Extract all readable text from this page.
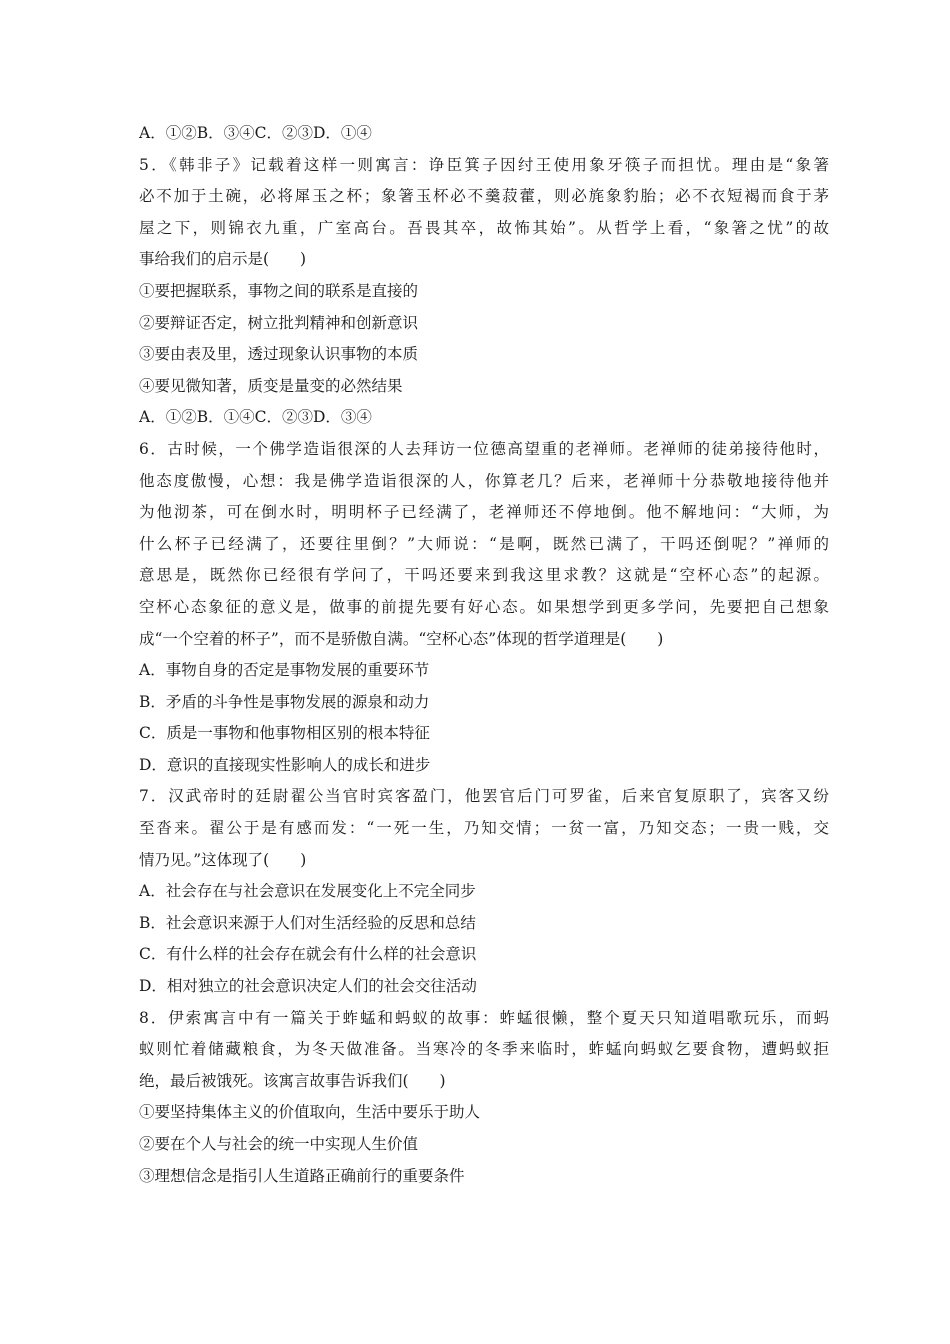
A．①②B．③④C．②③D．①④
5．《韩非子》记载着这样一则寓言：诤臣箕子因纣王使用象牙筷子而担忧。理由是“象箸
必不加于土碗，必将犀玉之杯；象箸玉杯必不羹菽藿，则必旄象豹胎；必不衣短褐而食于茅
屋之下，则锦衣九重，广室高台。吾畏其卒，故怖其始”。从哲学上看，“象箸之忧”的故
事给我们的启示是(　　)
①要把握联系，事物之间的联系是直接的
②要辩证否定，树立批判精神和创新意识
③要由表及里，透过现象认识事物的本质
④要见微知著，质变是量变的必然结果
A．①②B．①④C．②③D．③④
6．古时候，一个佛学造诣很深的人去拜访一位德高望重的老禅师。老禅师的徒弟接待他时，
他态度傲慢，心想：我是佛学造诣很深的人，你算老几？后来，老禅师十分恭敬地接待他并
为他沏茶，可在倒水时，明明杯子已经满了，老禅师还不停地倒。他不解地问：“大师，为
什么杯子已经满了，还要往里倒？”大师说：“是啊，既然已满了，干吗还倒呢？”禅师的
意思是，既然你已经很有学问了，干吗还要来到我这里求教？这就是“空杯心态”的起源。
空杯心态象征的意义是，做事的前提先要有好心态。如果想学到更多学问，先要把自己想象
成“一个空着的杯子”，而不是骄傲自满。“空杯心态”体现的哲学道理是(　　)
A．事物自身的否定是事物发展的重要环节
B．矛盾的斗争性是事物发展的源泉和动力
C．质是一事物和他事物相区别的根本特征
D．意识的直接现实性影响人的成长和进步
7．汉武帝时的廷尉翟公当官时宾客盈门，他罢官后门可罗雀，后来官复原职了，宾客又纷
至沓来。翟公于是有感而发：“一死一生，乃知交情；一贫一富，乃知交态；一贵一贱，交
情乃见。”这体现了(　　)
A．社会存在与社会意识在发展变化上不完全同步
B．社会意识来源于人们对生活经验的反思和总结
C．有什么样的社会存在就会有什么样的社会意识
D．相对独立的社会意识决定人们的社会交往活动
8．伊索寓言中有一篇关于蚱蜢和蚂蚁的故事：蚱蜢很懒，整个夏天只知道唱歌玩乐，而蚂
蚁则忙着储藏粮食，为冬天做准备。当寒冷的冬季来临时，蚱蜢向蚂蚁乞要食物，遭蚂蚁拒
绝，最后被饿死。该寓言故事告诉我们(　　)
①要坚持集体主义的价值取向，生活中要乐于助人
②要在个人与社会的统一中实现人生价值
③理想信念是指引人生道路正确前行的重要条件
